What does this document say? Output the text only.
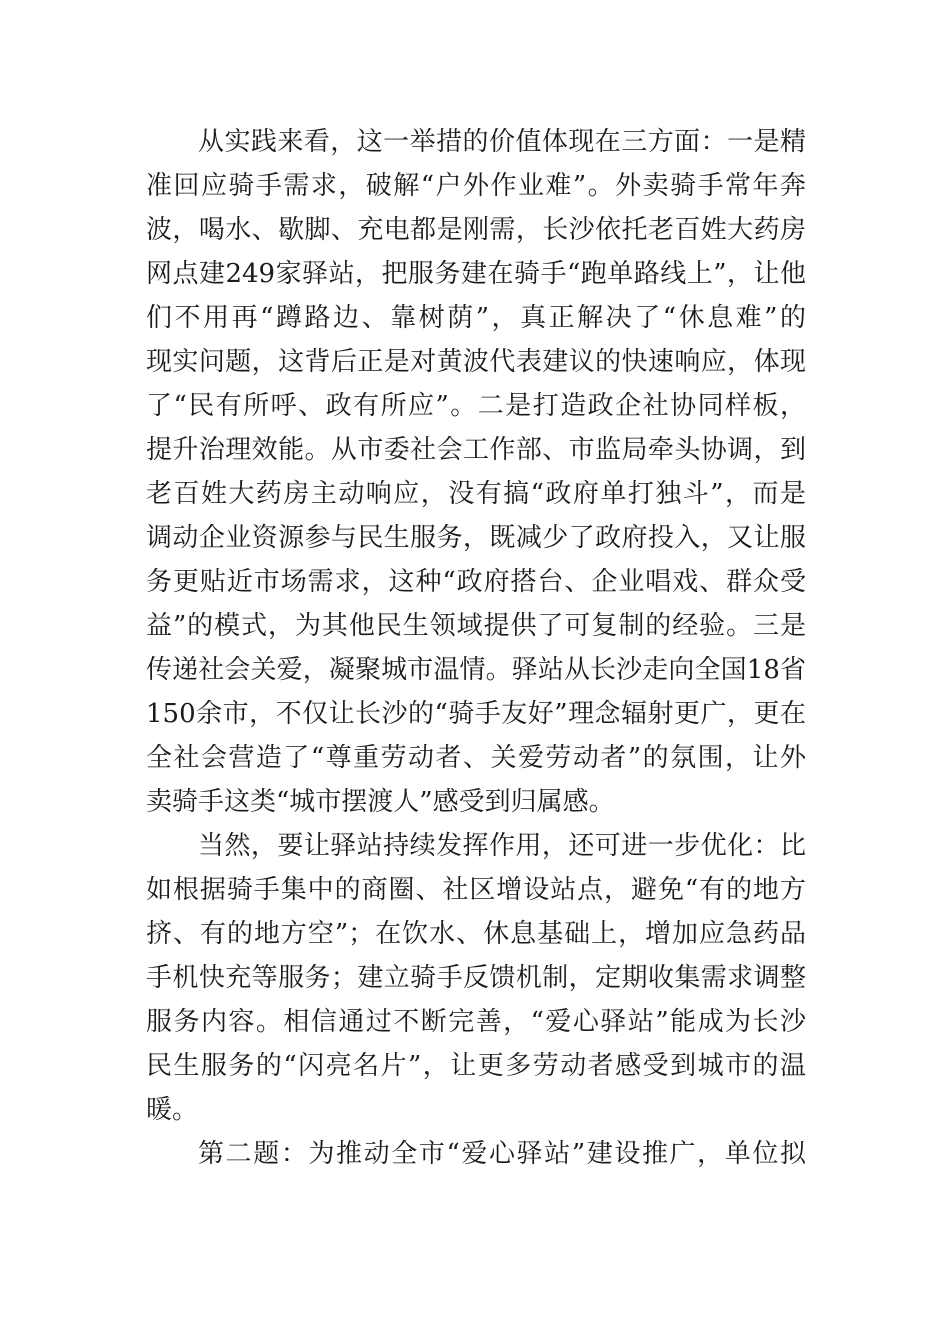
从实践来看，这一举措的价值体现在三方面：一是精
准回应骑手需求，破解“户外作业难”。外卖骑手常年奔
波，喝水、歇脚、充电都是刚需，长沙依托老百姓大药房
网点建249家驿站，把服务建在骑手“跑单路线上”，让他
们不用再“蹲路边、靠树荫”，真正解决了“休息难”的
现实问题，这背后正是对黄波代表建议的快速响应，体现
了“民有所呼、政有所应”。二是打造政企社协同样板，
提升治理效能。从市委社会工作部、市监局牵头协调，到
老百姓大药房主动响应，没有搞“政府单打独斗”，而是
调动企业资源参与民生服务，既减少了政府投入，又让服
务更贴近市场需求，这种“政府搭台、企业唱戏、群众受
益”的模式，为其他民生领域提供了可复制的经验。三是
传递社会关爱，凝聚城市温情。驿站从长沙走向全国18省
150余市，不仅让长沙的“骑手友好”理念辐射更广，更在
全社会营造了“尊重劳动者、关爱劳动者”的氛围，让外
卖骑手这类“城市摆渡人”感受到归属感。
当然，要让驿站持续发挥作用，还可进一步优化：比
如根据骑手集中的商圈、社区增设站点，避免“有的地方
挤、有的地方空”；在饮水、休息基础上，增加应急药品
手机快充等服务；建立骑手反馈机制，定期收集需求调整
服务内容。相信通过不断完善，“爱心驿站”能成为长沙
民生服务的“闪亮名片”，让更多劳动者感受到城市的温
暖。
第二题：为推动全市“爱心驿站”建设推广，单位拟
